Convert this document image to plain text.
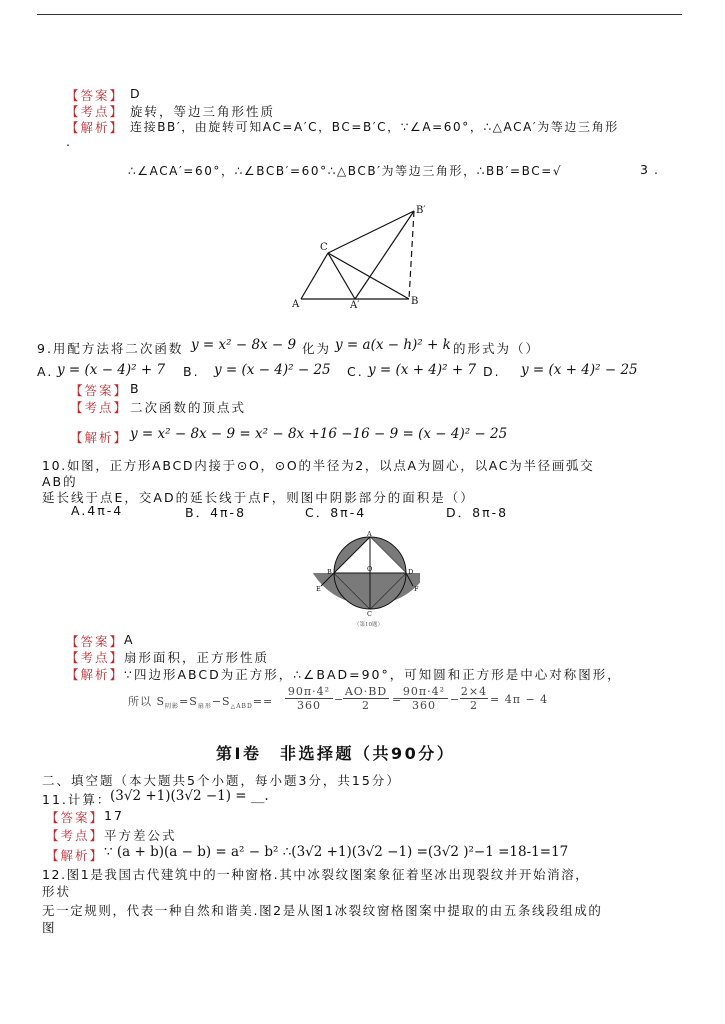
【答案】 D
【考点】 旋转，等边三角形性质
【解析】 连接BB′，由旋转可知AC=A′C，BC=B′C，∵∠A=60°，∴△ACA′为等边三角形
.
∴∠ACA′=60°，∴∠BCB′=60°∴△BCB′为等边三角形，∴BB′=BC=√	3 .
C
A	A′	B
B′
9.用配方法将二次函数 y = x² − 8x − 9 化为 y = a(x − h)² + k 的形式为（）
A. y = (x − 4)² + 7 B. y = (x − 4)² − 25 C. y = (x + 4)² + 7 D. y = (x + 4)² − 25
【答案】 B
【考点】 二次函数的顶点式
【解析】 y = x² − 8x − 9 = x² − 8x +16 −16 − 9 = (x − 4)² − 25
10.如图，正方形ABCD内接于⊙O，⊙O的半径为2，以点A为圆心，以AC为半径画弧交
AB的
延长线于点E，交AD的延长线于点F，则图中阴影部分的面积是（）
A.4π-4	B．4π-8	C．8π-4	D．8π-8
A
B
C
D
E	F
O
（第10题）
【答案】 A
【考点】 扇形面积，正方形性质
【解析】 ∵四边形ABCD为正方形，∴∠BAD=90°，可知圆和正方形是中心对称图形，
所以 $S_{阴影}=S_{扇形}-S_{\triangle ABD}==$
90π·4²
360	−
AO·BD
2	=
90π·4²
360	−
2×4
2	= 4π − 4
第Ⅰ卷　非选择题（共90分）
二、填空题（本大题共5个小题，每小题3分，共15分）
11.计算：
(3√2 +1)(3√2 −1) = __.
【答案】 17
【考点】 平方差公式
【解析】 ∵ (a + b)(a − b) = a² − b² ∴(3√2 +1)(3√2 −1) =(3√2 )²−1 =18-1=17
12.图1是我国古代建筑中的一种窗格.其中冰裂纹图案象征着坚冰出现裂纹并开始消溶，
形状
无一定规则，代表一种自然和谐美.图2是从图1冰裂纹窗格图案中提取的由五条线段组成的
图
